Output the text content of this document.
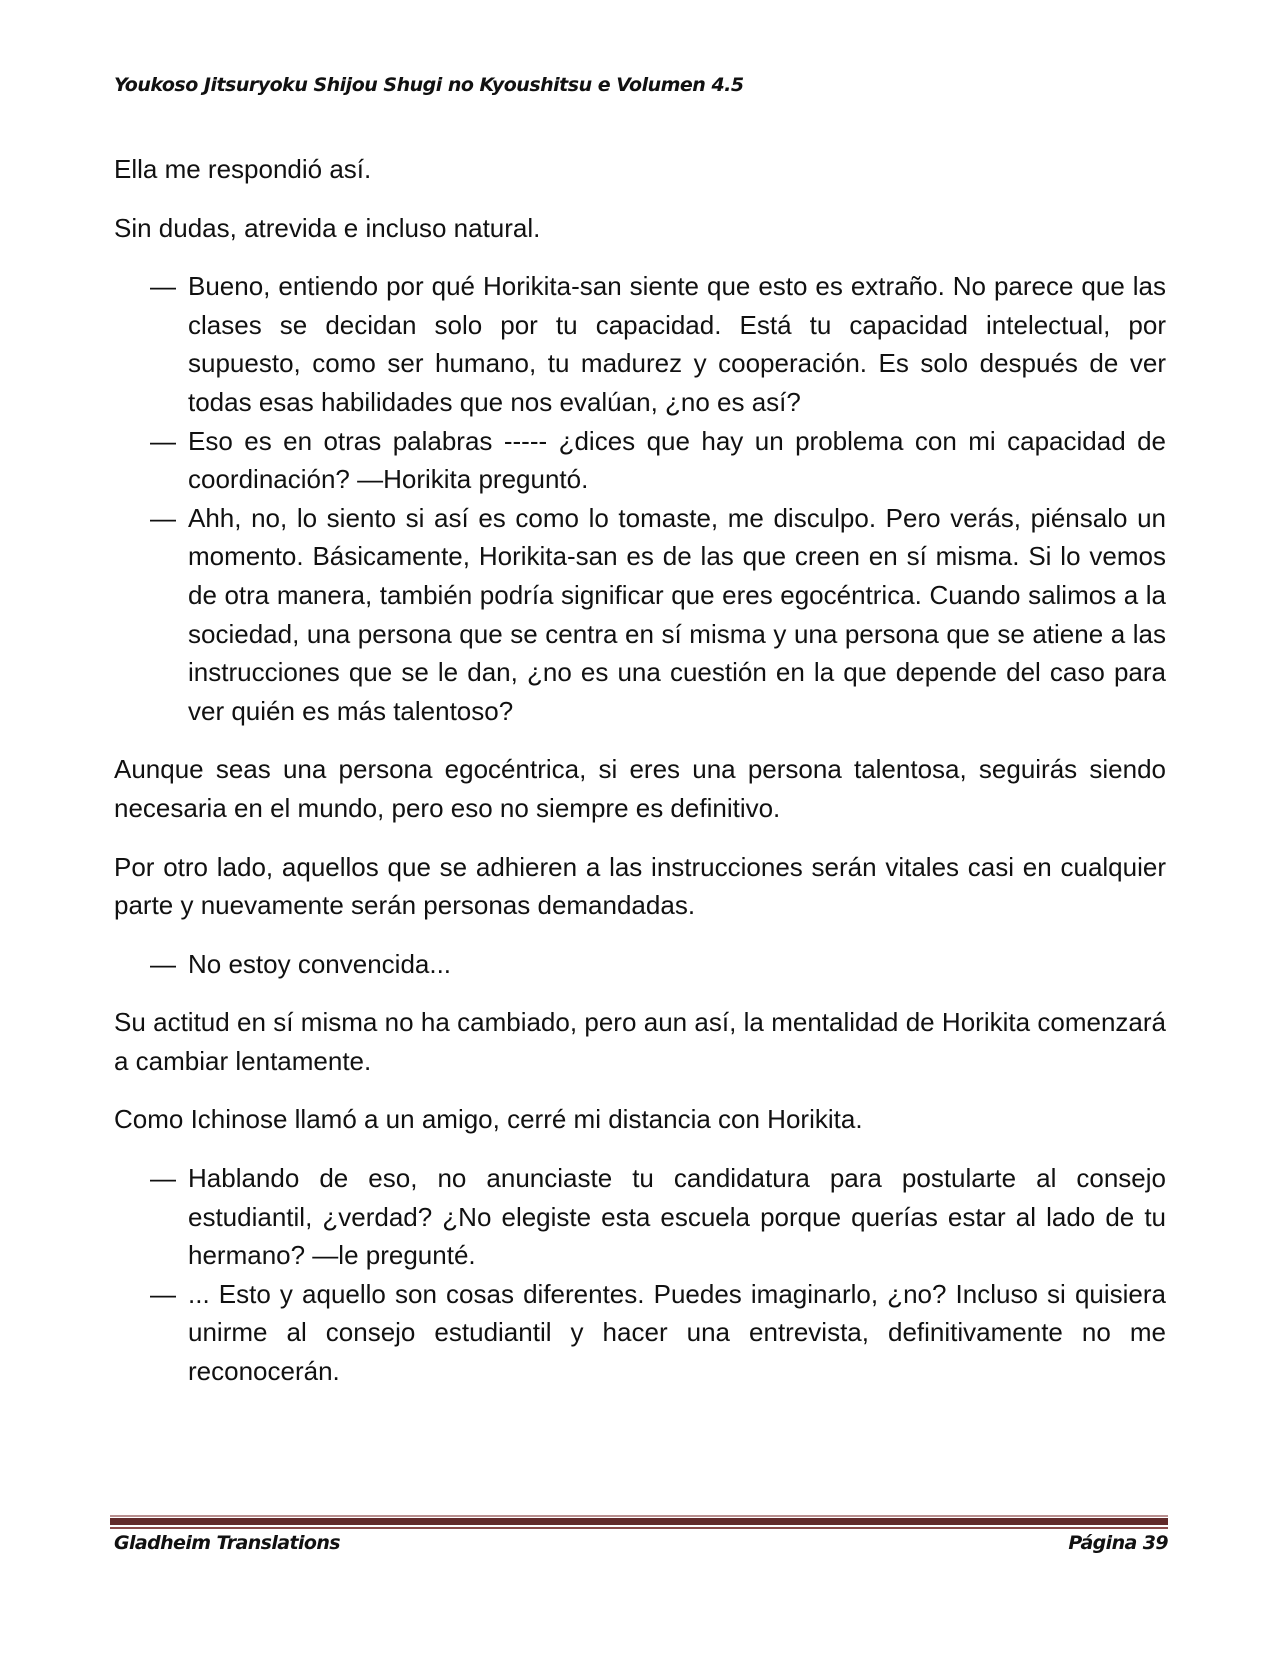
Youkoso Jitsuryoku Shijou Shugi no Kyoushitsu e Volumen 4.5

Ella me respondió así.

Sin dudas, atrevida e incluso natural.

— Bueno, entiendo por qué Horikita-san siente que esto es extraño. No parece que las clases se decidan solo por tu capacidad. Está tu capacidad intelectual, por supuesto, como ser humano, tu madurez y cooperación. Es solo después de ver todas esas habilidades que nos evalúan, ¿no es así?

— Eso es en otras palabras ----- ¿dices que hay un problema con mi capacidad de coordinación? —Horikita preguntó.

— Ahh, no, lo siento si así es como lo tomaste, me disculpo. Pero verás, piénsalo un momento. Básicamente, Horikita-san es de las que creen en sí misma. Si lo vemos de otra manera, también podría significar que eres egocéntrica. Cuando salimos a la sociedad, una persona que se centra en sí misma y una persona que se atiene a las instrucciones que se le dan, ¿no es una cuestión en la que depende del caso para ver quién es más talentoso?

Aunque seas una persona egocéntrica, si eres una persona talentosa, seguirás siendo necesaria en el mundo, pero eso no siempre es definitivo.

Por otro lado, aquellos que se adhieren a las instrucciones serán vitales casi en cualquier parte y nuevamente serán personas demandadas.

— No estoy convencida...

Su actitud en sí misma no ha cambiado, pero aun así, la mentalidad de Horikita comenzará a cambiar lentamente.

Como Ichinose llamó a un amigo, cerré mi distancia con Horikita.

— Hablando de eso, no anunciaste tu candidatura para postularte al consejo estudiantil, ¿verdad? ¿No elegiste esta escuela porque querías estar al lado de tu hermano? —le pregunté.

— ... Esto y aquello son cosas diferentes. Puedes imaginarlo, ¿no? Incluso si quisiera unirme al consejo estudiantil y hacer una entrevista, definitivamente no me reconocerán.

Gladheim Translations	Página 39
